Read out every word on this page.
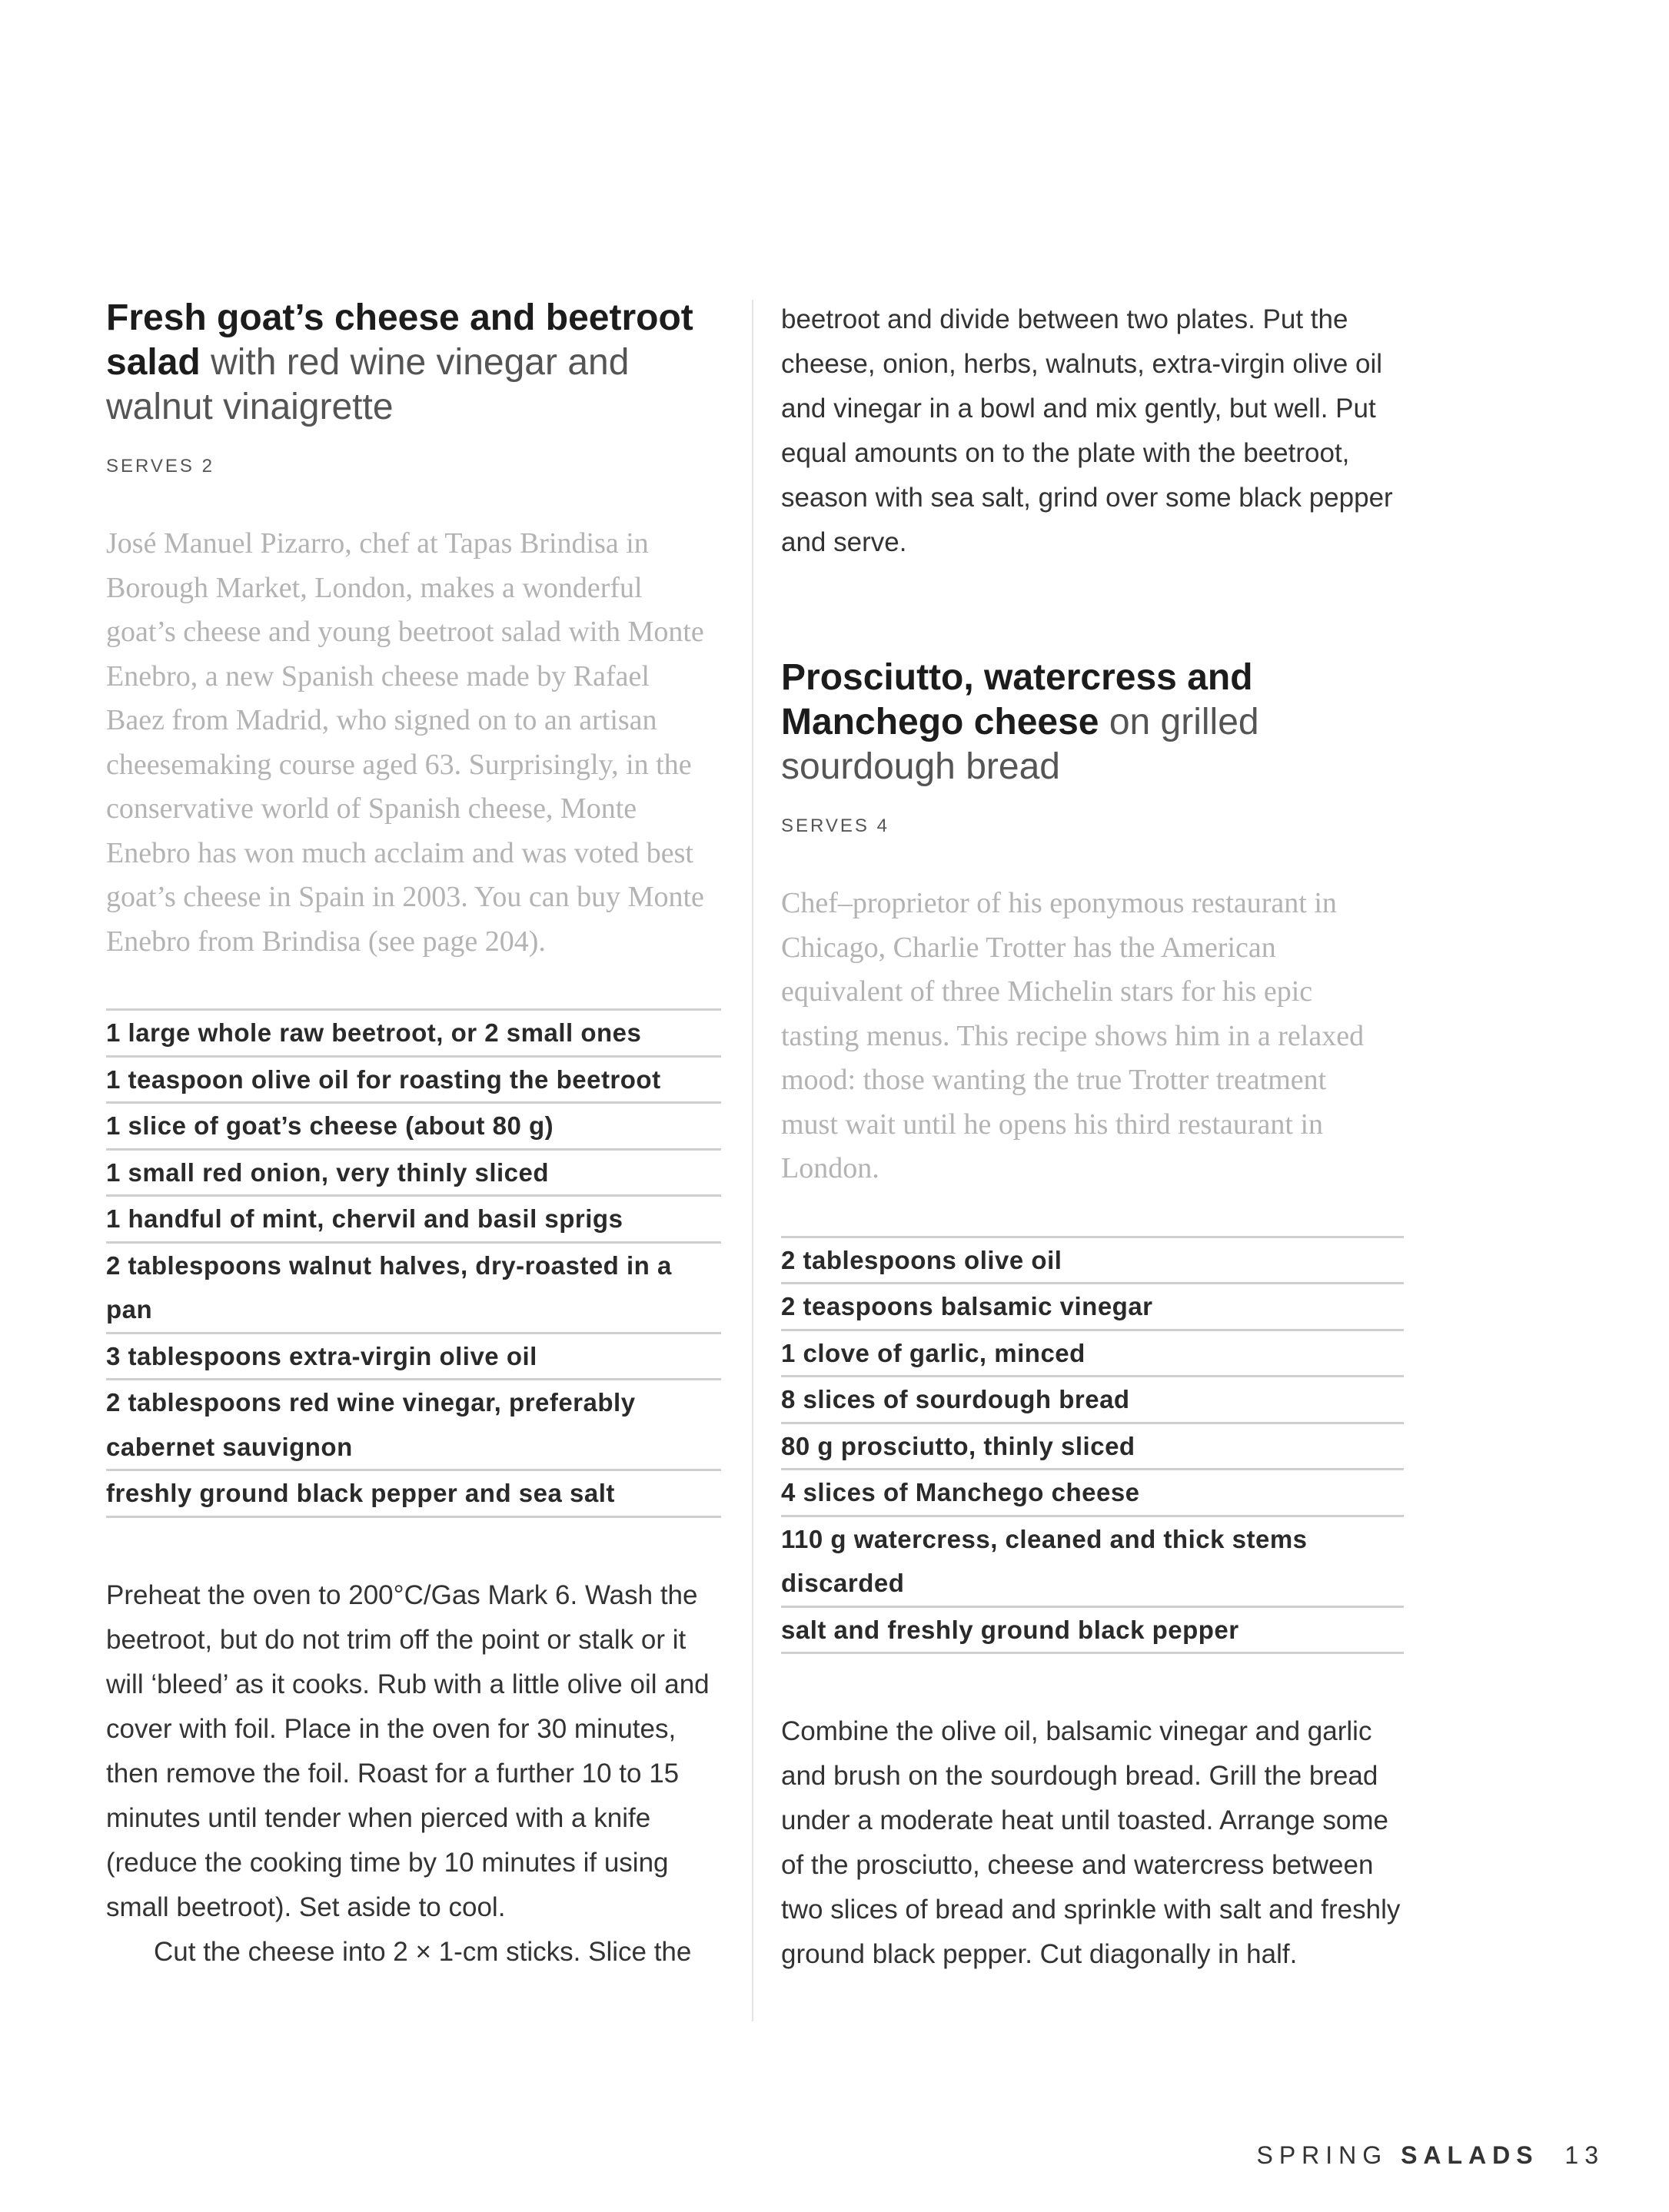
Fresh goat’s cheese and beetroot salad with red wine vinegar and walnut vinaigrette
SERVES 2

José Manuel Pizarro, chef at Tapas Brindisa in Borough Market, London, makes a wonderful goat’s cheese and young beetroot salad with Monte Enebro, a new Spanish cheese made by Rafael Baez from Madrid, who signed on to an artisan cheesemaking course aged 63. Surprisingly, in the conservative world of Spanish cheese, Monte Enebro has won much acclaim and was voted best goat’s cheese in Spain in 2003. You can buy Monte Enebro from Brindisa (see page 204).

1 large whole raw beetroot, or 2 small ones
1 teaspoon olive oil for roasting the beetroot
1 slice of goat’s cheese (about 80 g)
1 small red onion, very thinly sliced
1 handful of mint, chervil and basil sprigs
2 tablespoons walnut halves, dry-roasted in a pan
3 tablespoons extra-virgin olive oil
2 tablespoons red wine vinegar, preferably cabernet sauvignon
freshly ground black pepper and sea salt

Preheat the oven to 200°C/Gas Mark 6. Wash the beetroot, but do not trim off the point or stalk or it will ‘bleed’ as it cooks. Rub with a little olive oil and cover with foil. Place in the oven for 30 minutes, then remove the foil. Roast for a further 10 to 15 minutes until tender when pierced with a knife (reduce the cooking time by 10 minutes if using small beetroot). Set aside to cool.

Cut the cheese into 2 × 1-cm sticks. Slice the

beetroot and divide between two plates. Put the cheese, onion, herbs, walnuts, extra-virgin olive oil and vinegar in a bowl and mix gently, but well. Put equal amounts on to the plate with the beetroot, season with sea salt, grind over some black pepper and serve.

Prosciutto, watercress and Manchego cheese on grilled sourdough bread
SERVES 4

Chef–proprietor of his eponymous restaurant in Chicago, Charlie Trotter has the American equivalent of three Michelin stars for his epic tasting menus. This recipe shows him in a relaxed mood: those wanting the true Trotter treatment must wait until he opens his third restaurant in London.

2 tablespoons olive oil
2 teaspoons balsamic vinegar
1 clove of garlic, minced
8 slices of sourdough bread
80 g prosciutto, thinly sliced
4 slices of Manchego cheese
110 g watercress, cleaned and thick stems discarded
salt and freshly ground black pepper

Combine the olive oil, balsamic vinegar and garlic and brush on the sourdough bread. Grill the bread under a moderate heat until toasted. Arrange some of the prosciutto, cheese and watercress between two slices of bread and sprinkle with salt and freshly ground black pepper. Cut diagonally in half.

SPRING SALADS 13
